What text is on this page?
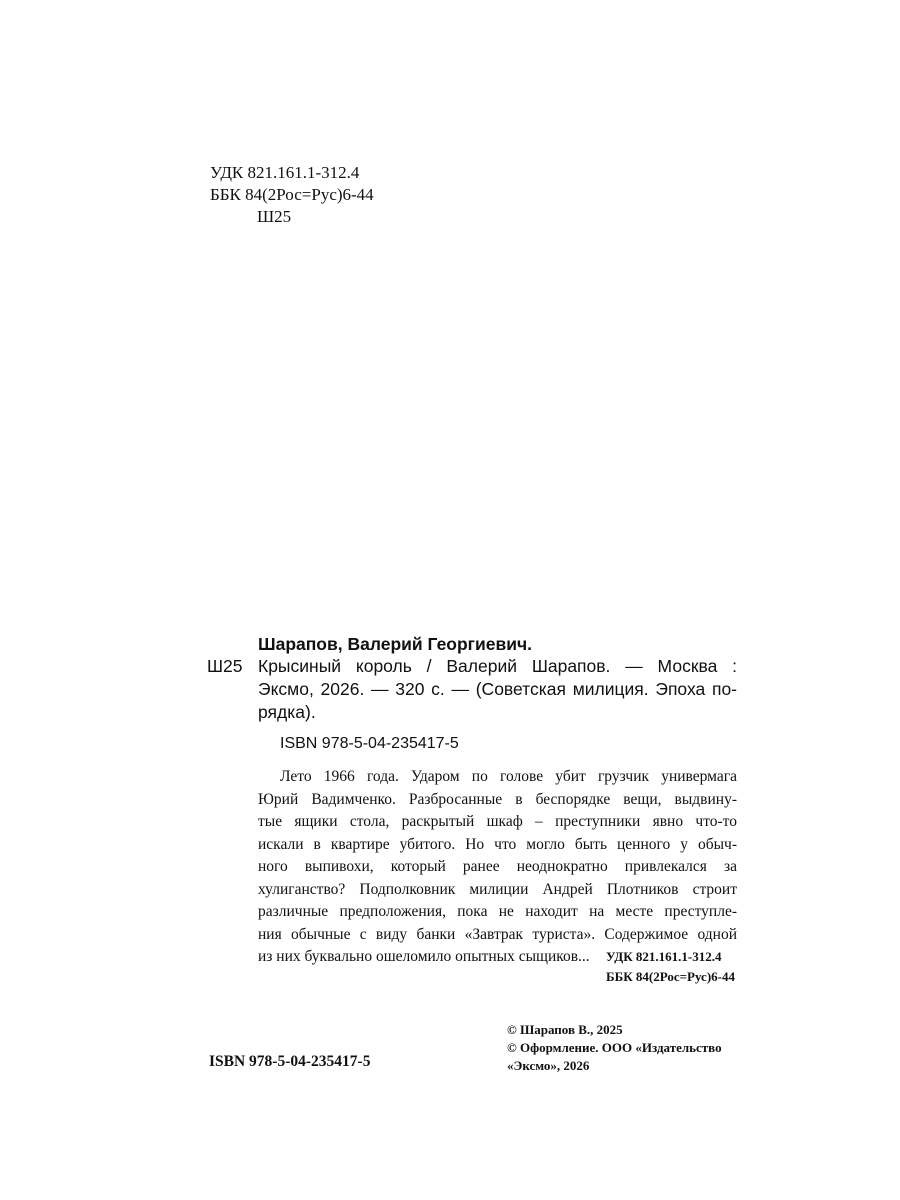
УДК 821.161.1-312.4
ББК 84(2Рос=Рус)6-44
Ш25
Шарапов, Валерий Георгиевич.
Ш25 Крысиный король / Валерий Шарапов. — Москва :
Эксмо, 2026. — 320 с. — (Советская милиция. Эпоха по-
рядка).
ISBN 978-5-04-235417-5
Лето 1966 года. Ударом по голове убит грузчик универмага
Юрий Вадимченко. Разбросанные в беспорядке вещи, выдвину-
тые ящики стола, раскрытый шкаф – преступники явно что-то
искали в квартире убитого. Но что могло быть ценного у обыч-
ного выпивохи, который ранее неоднократно привлекался за
хулиганство? Подполковник милиции Андрей Плотников строит
различные предположения, пока не находит на месте преступле-
ния обычные с виду банки «Завтрак туриста». Содержимое одной
из них буквально ошеломило опытных сыщиков...	УДК 821.161.1-312.4
ББК 84(2Рос=Рус)6-44
© Шарапов В., 2025
© Оформление. ООО «Издательство
«Эксмо», 2026
ISBN 978-5-04-235417-5
